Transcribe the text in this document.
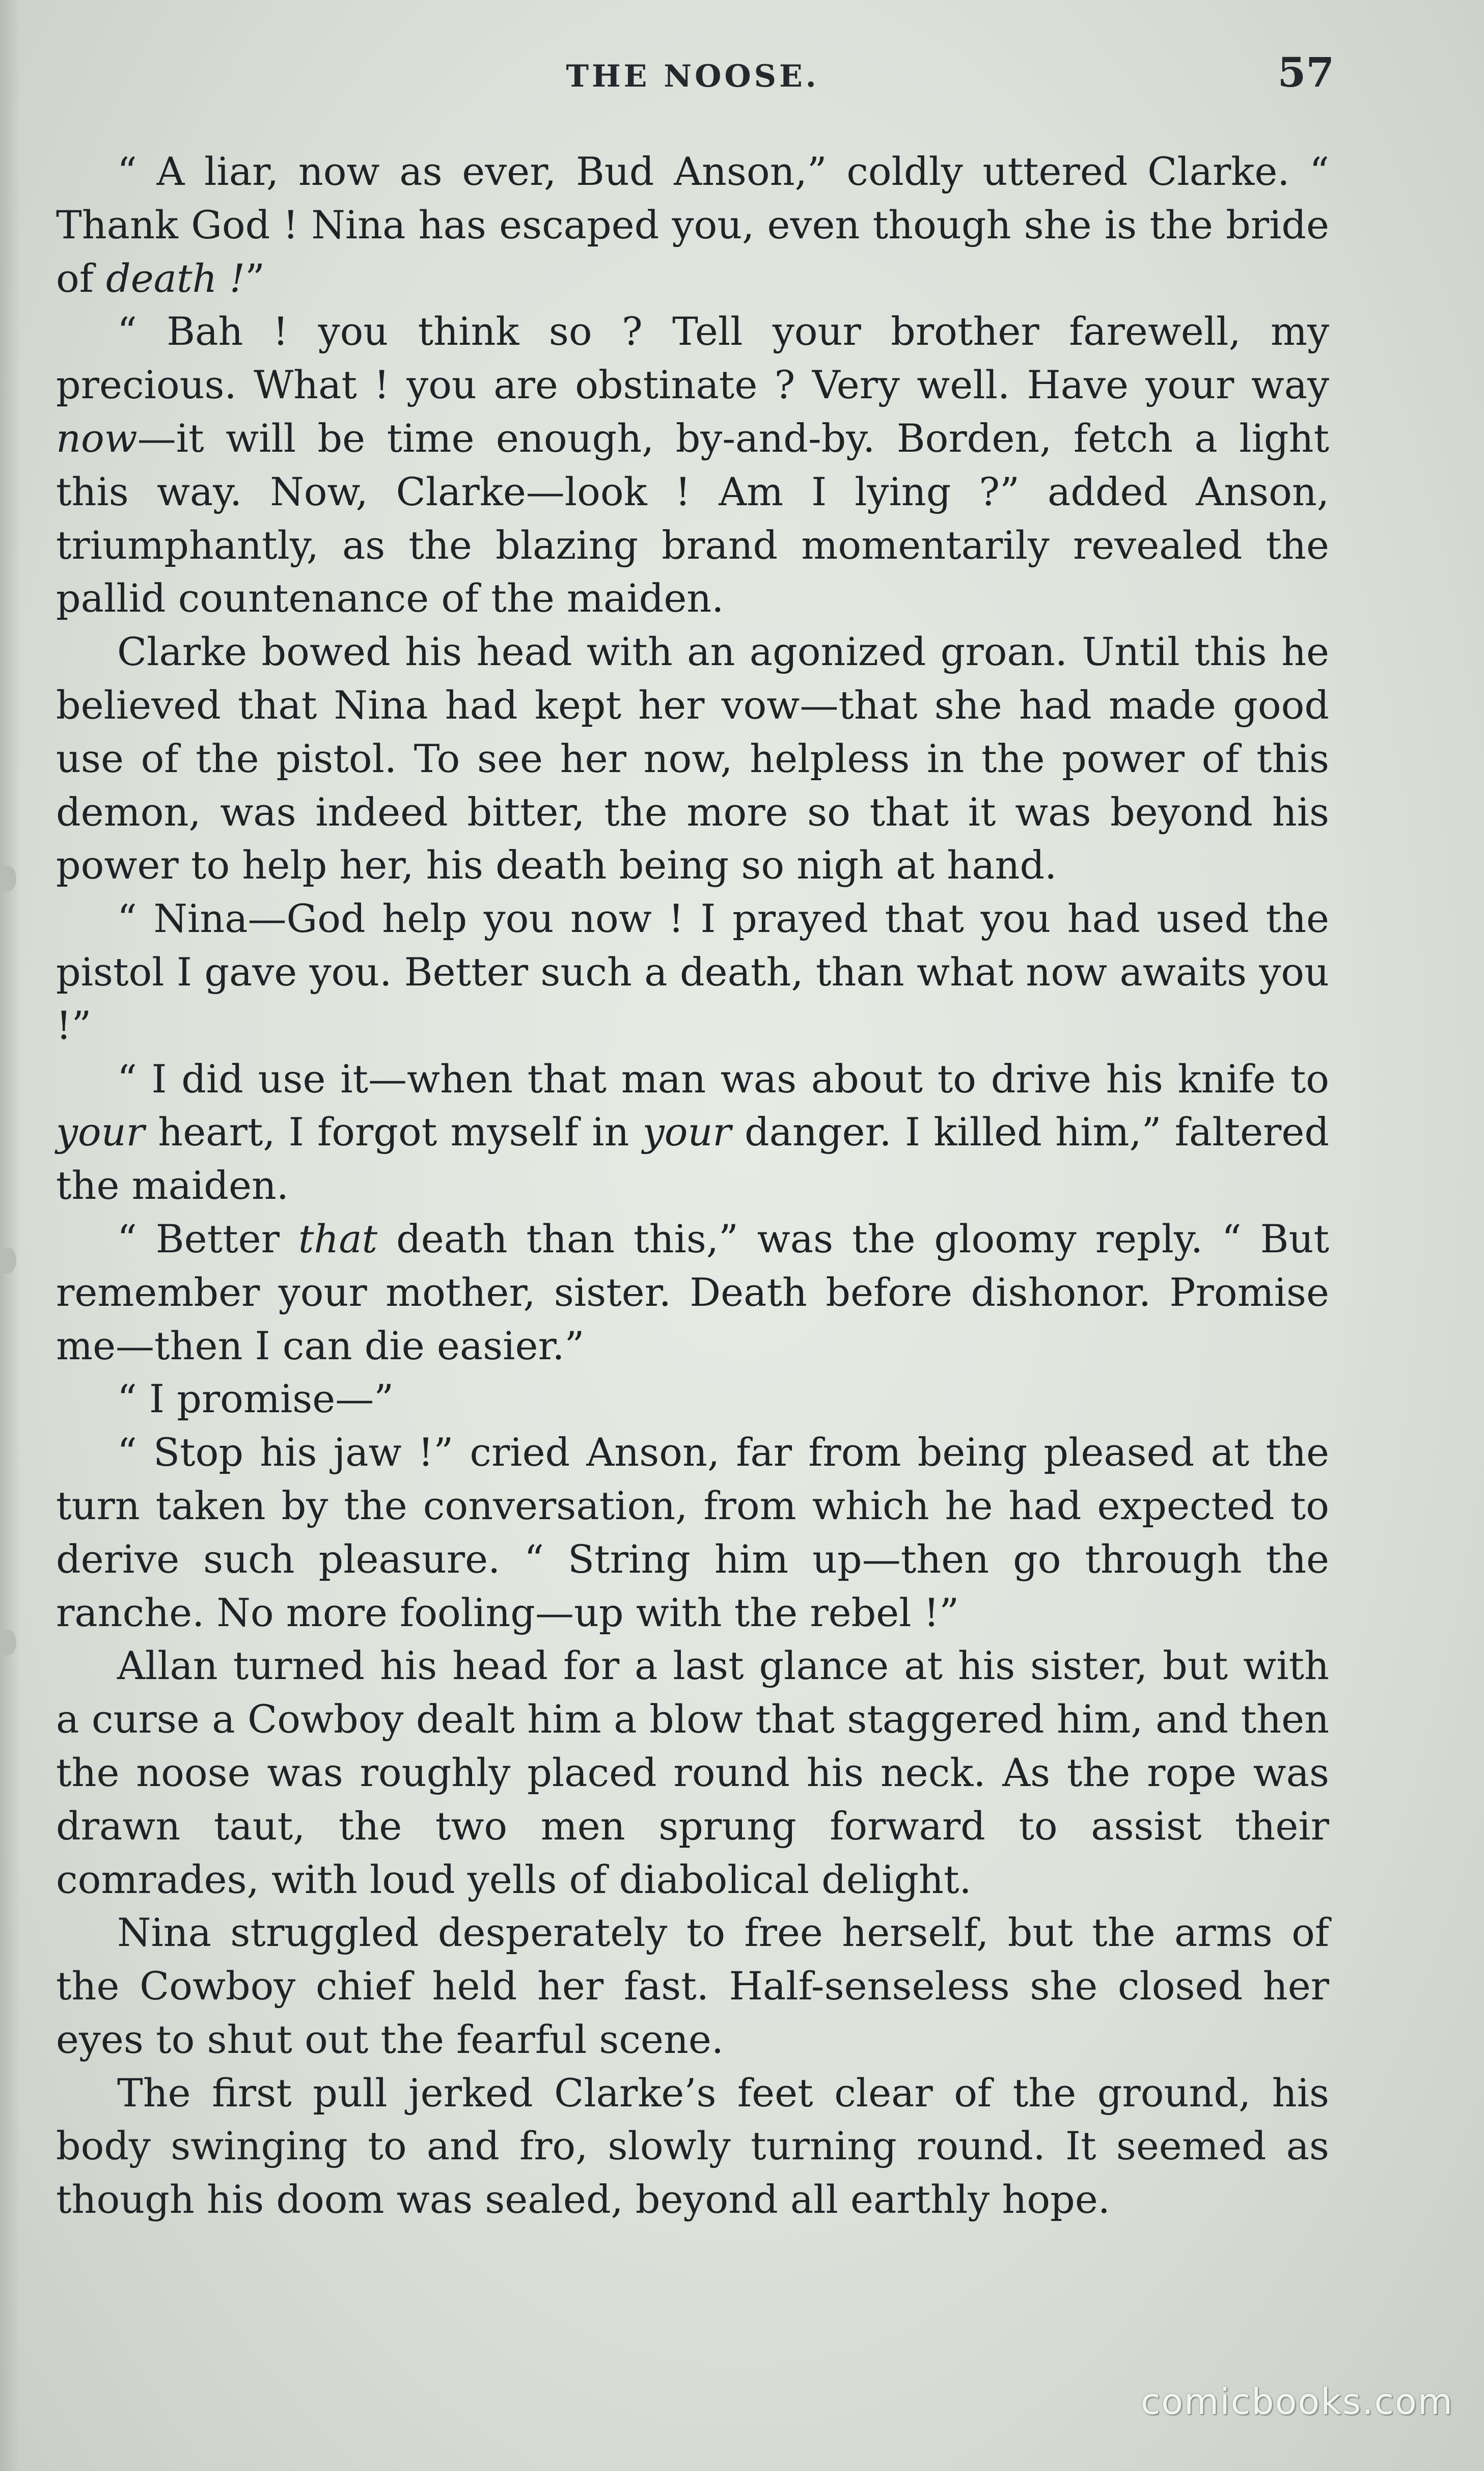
THE NOOSE.	57

“ A liar, now as ever, Bud Anson,” coldly uttered Clarke. “ Thank God ! Nina has escaped you, even though she is the bride of death !”

“ Bah ! you think so ? Tell your brother farewell, my precious. What ! you are obstinate ? Very well. Have your way now—it will be time enough, by-and-by. Borden, fetch a light this way. Now, Clarke—look ! Am I lying ?” added Anson, triumphantly, as the blazing brand momentarily revealed the pallid countenance of the maiden.

Clarke bowed his head with an agonized groan. Until this he believed that Nina had kept her vow—that she had made good use of the pistol. To see her now, helpless in the power of this demon, was indeed bitter, the more so that it was beyond his power to help her, his death being so nigh at hand.

“ Nina—God help you now ! I prayed that you had used the pistol I gave you. Better such a death, than what now awaits you !”

“ I did use it—when that man was about to drive his knife to your heart, I forgot myself in your danger. I killed him,” faltered the maiden.

“ Better that death than this,” was the gloomy reply. “ But remember your mother, sister. Death before dishonor. Promise me—then I can die easier.”

“ I promise—”

“ Stop his jaw !” cried Anson, far from being pleased at the turn taken by the conversation, from which he had expected to derive such pleasure. “ String him up—then go through the ranche. No more fooling—up with the rebel !”

Allan turned his head for a last glance at his sister, but with a curse a Cowboy dealt him a blow that staggered him, and then the noose was roughly placed round his neck. As the rope was drawn taut, the two men sprung forward to assist their comrades, with loud yells of diabolical delight.

Nina struggled desperately to free herself, but the arms of the Cowboy chief held her fast. Half-senseless she closed her eyes to shut out the fearful scene.

The first pull jerked Clarke’s feet clear of the ground, his body swinging to and fro, slowly turning round. It seemed as though his doom was sealed, beyond all earthly hope.

comicbooks.com
